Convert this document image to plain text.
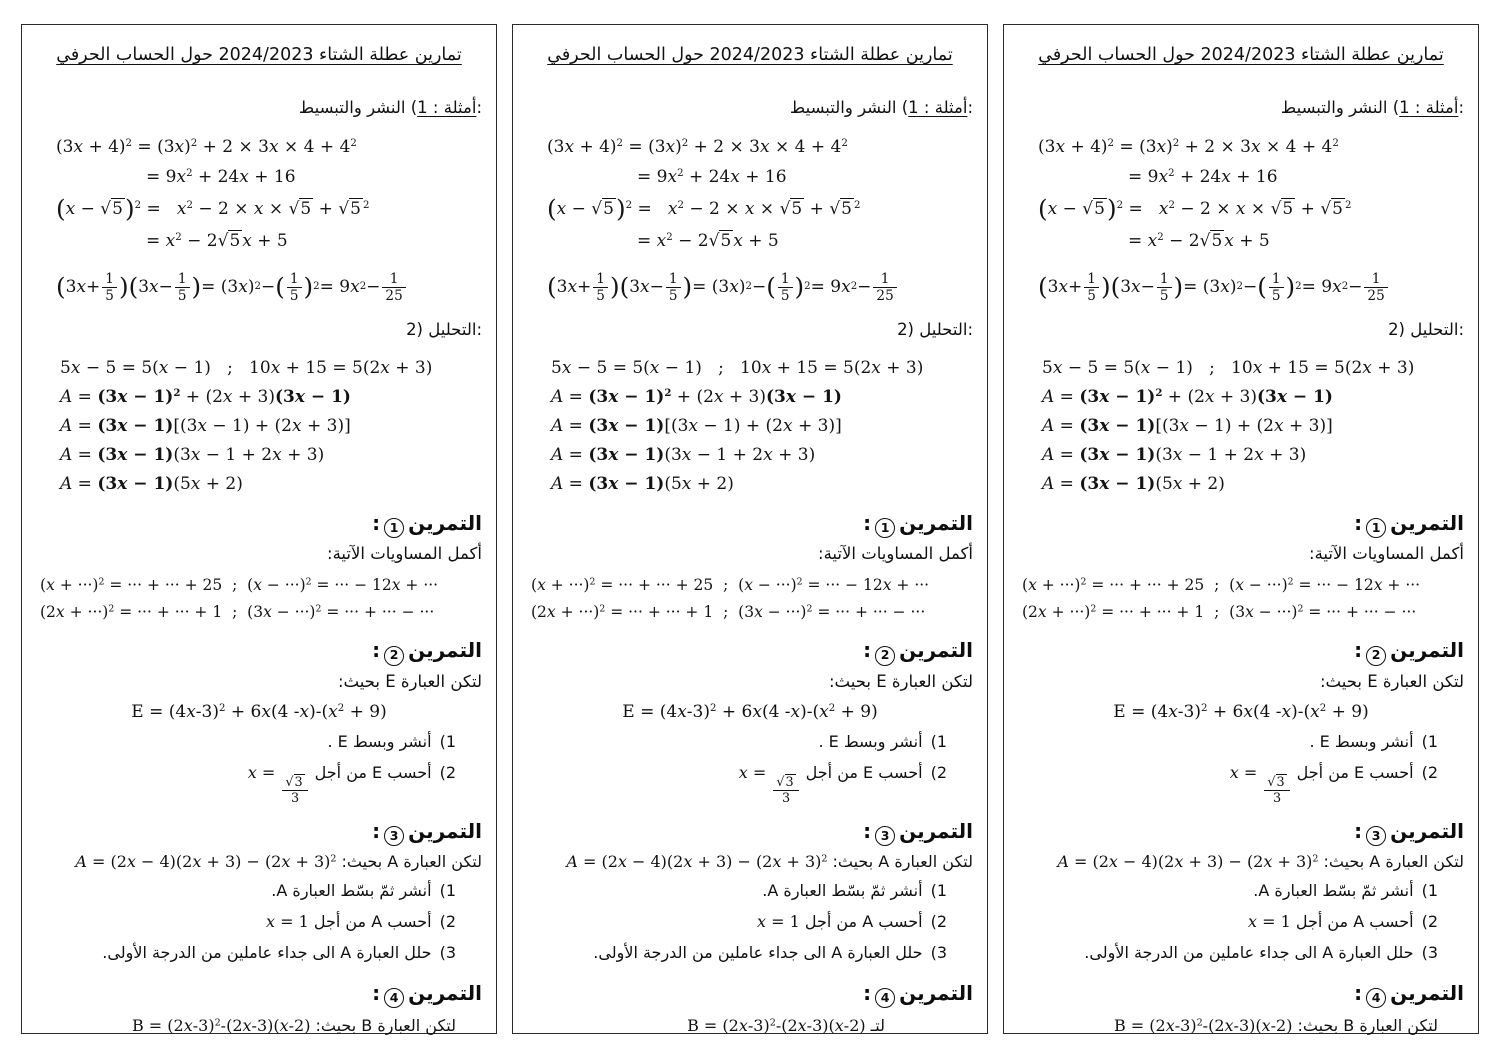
تمارين عطلة الشتاء 2024/2023 حول الحساب الحرفي
أمثلة : 1) النشر والتبسيط:
$(3x + 4)^2 = (3x)^2 + 2 \times 3x \times 4 + 4^2$
= $9x^2 + 24x + 16$
$(x - √5)^2 = x^2 - 2 \times x \times √5 + √5$ $^2$
= $x^2 - 2√5$ x + 5
( 3 $x + \frac{1}{5}$ ) ( 3 $x - \frac{1}{5}$ ) = (3 x ) 2 − ( $\frac{1}{5}$ ) 2 = 9 x $2 - \frac{1}{25}$
2) التحليل:
5x − 5 = 5(x − 1)   ;   10x + 15 = 5(2x + 3)
$A = (3x - 1)^2 + (2x + 3)(3x - 1)$
A = (3x − 1)[(3x − 1) + (2x + 3)]
A = (3x − 1)(3x − 1 + 2x + 3)
A = (3x − 1)(5x + 2)
التمرين1:
أكمل المساويات الآتية:
$(x + \cdot\cdot\cdot)^2$ = ··· + ··· + 25  ;  $(x - \cdot\cdot\cdot)^2$ = ··· − 12x + ···
$(2x + \cdot\cdot\cdot)^2$ = ··· + ··· + 1  ;  $(3x - \cdot\cdot\cdot)^2$ = ··· + ··· − ···
التمرين2:
لتكن العبارة E بحيث:
$E = (4x-3)^2 + 6x(4$ $-x)-(x^2 + 9)$
1)أنشر وبسط E .
2)أحسب E من أجلx =
$\frac{√3}{3}$
التمرين3:
لتكن العبارة A بحيث:A = $(2x - 4)(2x + 3) - (2x + 3)^2$
1)أنشر ثمّ بسّط العبارة A.
2)أحسب A من أجلx = 1
3)حلل العبارة A الى جداء عاملين من الدرجة الأولى.
التمرين4:
لتكن العبارة B بحيث:B = $(2x-3)^2-(2x-3)(x-2)$
تمارين عطلة الشتاء 2024/2023 حول الحساب الحرفي
أمثلة : 1) النشر والتبسيط:
$(3x + 4)^2 = (3x)^2 + 2 \times 3x \times 4 + 4^2$
= $9x^2 + 24x + 16$
$(x - √5)^2 = x^2 - 2 \times x \times √5 + √5$ $^2$
= $x^2 - 2√5$ x + 5
( 3 $x + \frac{1}{5}$ ) ( 3 $x - \frac{1}{5}$ ) = (3 x ) 2 − ( $\frac{1}{5}$ ) 2 = 9 x $2 - \frac{1}{25}$
2) التحليل:
5x − 5 = 5(x − 1)   ;   10x + 15 = 5(2x + 3)
$A = (3x - 1)^2 + (2x + 3)(3x - 1)$
A = (3x − 1)[(3x − 1) + (2x + 3)]
A = (3x − 1)(3x − 1 + 2x + 3)
A = (3x − 1)(5x + 2)
التمرين1:
أكمل المساويات الآتية:
$(x + \cdot\cdot\cdot)^2$ = ··· + ··· + 25  ;  $(x - \cdot\cdot\cdot)^2$ = ··· − 12x + ···
$(2x + \cdot\cdot\cdot)^2$ = ··· + ··· + 1  ;  $(3x - \cdot\cdot\cdot)^2$ = ··· + ··· − ···
التمرين2:
لتكن العبارة E بحيث:
$E = (4x-3)^2 + 6x(4$ $-x)-(x^2 + 9)$
1)أنشر وبسط E .
2)أحسب E من أجلx =
$\frac{√3}{3}$
التمرين3:
لتكن العبارة A بحيث:A = $(2x - 4)(2x + 3) - (2x + 3)^2$
1)أنشر ثمّ بسّط العبارة A.
2)أحسب A من أجلx = 1
3)حلل العبارة A الى جداء عاملين من الدرجة الأولى.
التمرين4:
لتـB = $(2x-3)^2-(2x-3)(x-2)$
تمارين عطلة الشتاء 2024/2023 حول الحساب الحرفي
أمثلة : 1) النشر والتبسيط:
$(3x + 4)^2 = (3x)^2 + 2 \times 3x \times 4 + 4^2$
= $9x^2 + 24x + 16$
$(x - √5)^2 = x^2 - 2 \times x \times √5 + √5$ $^2$
= $x^2 - 2√5$ x + 5
( 3 $x + \frac{1}{5}$ ) ( 3 $x - \frac{1}{5}$ ) = (3 x ) 2 − ( $\frac{1}{5}$ ) 2 = 9 x $2 - \frac{1}{25}$
2) التحليل:
5x − 5 = 5(x − 1)   ;   10x + 15 = 5(2x + 3)
$A = (3x - 1)^2 + (2x + 3)(3x - 1)$
A = (3x − 1)[(3x − 1) + (2x + 3)]
A = (3x − 1)(3x − 1 + 2x + 3)
A = (3x − 1)(5x + 2)
التمرين1:
أكمل المساويات الآتية:
$(x + \cdot\cdot\cdot)^2$ = ··· + ··· + 25  ;  $(x - \cdot\cdot\cdot)^2$ = ··· − 12x + ···
$(2x + \cdot\cdot\cdot)^2$ = ··· + ··· + 1  ;  $(3x - \cdot\cdot\cdot)^2$ = ··· + ··· − ···
التمرين2:
لتكن العبارة E بحيث:
$E = (4x-3)^2 + 6x(4$ $-x)-(x^2 + 9)$
1)أنشر وبسط E .
2)أحسب E من أجلx =
$\frac{√3}{3}$
التمرين3:
لتكن العبارة A بحيث:A = $(2x - 4)(2x + 3) - (2x + 3)^2$
1)أنشر ثمّ بسّط العبارة A.
2)أحسب A من أجلx = 1
3)حلل العبارة A الى جداء عاملين من الدرجة الأولى.
التمرين4:
لتكن العبارة B بحيث:B = $(2x-3)^2-(2x-3)(x-2)$
